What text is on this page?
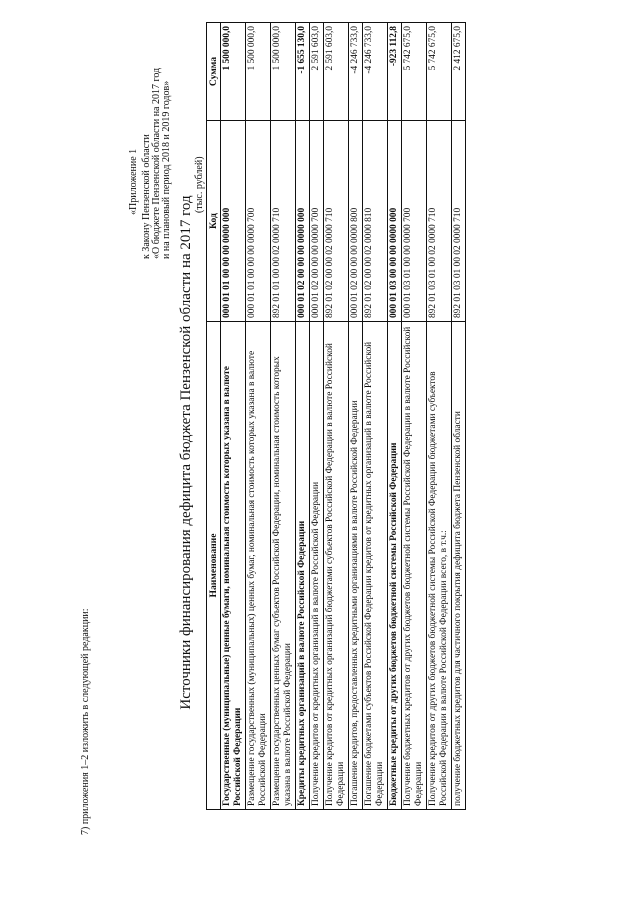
7) приложения 1–2 изложить в следующей редакции:
«Приложение 1 к Закону Пензенской области «О бюджете Пензенской области на 2017 год и на плановый период 2018 и 2019 годов»
Источники финансирования дефицита бюджета Пензенской области на 2017 год
(тыс. рублей)
Наименование	Код	Сумма
Государственные (муниципальные) ценные бумаги, номинальная стоимость которых указана в валюте Российской Федерации	000 01 01 00 00 00 0000 000	1 500 000,0
Размещение государственных (муниципальных) ценных бумаг, номинальная стоимость которых указана в валюте Российской Федерации	000 01 01 00 00 00 0000 700	1 500 000,0
Размещение государственных ценных бумаг субъектов Российской Федерации, номинальная стоимость которых указана в валюте Российской Федерации	892 01 01 00 00 02 0000 710	1 500 000,0
Кредиты кредитных организаций в валюте Российской Федерации	000 01 02 00 00 00 0000 000	-1 655 130,0
Получение кредитов от кредитных организаций в валюте Российской Федерации	000 01 02 00 00 00 0000 700	2 591 603,0
Получение кредитов от кредитных организаций бюджетами субъектов Российской Федерации в валюте Российской Федерации	892 01 02 00 00 02 0000 710	2 591 603,0
Погашение кредитов, предоставленных кредитными организациями в валюте Российской Федерации	000 01 02 00 00 00 0000 800	-4 246 733,0
Погашение бюджетами субъектов Российской Федерации кредитов от кредитных организаций в валюте Российской Федерации	892 01 02 00 00 02 0000 810	-4 246 733,0
Бюджетные кредиты от других бюджетов бюджетной системы Российской Федерации	000 01 03 00 00 00 0000 000	-923 112,8
Получение бюджетных кредитов от других бюджетов бюджетной системы Российской Федерации в валюте Российской Федерации	000 01 03 01 00 00 0000 700	5 742 675,0
Получение кредитов от других бюджетов бюджетной системы Российской Федерации бюджетами субъектов Российской Федерации в валюте Российской Федерации всего, в т.ч.:	892 01 03 01 00 02 0000 710	5 742 675,0
получение бюджетных кредитов для частичного покрытия дефицита бюджета Пензенской области	892 01 03 01 00 02 0000 710	2 412 675,0
